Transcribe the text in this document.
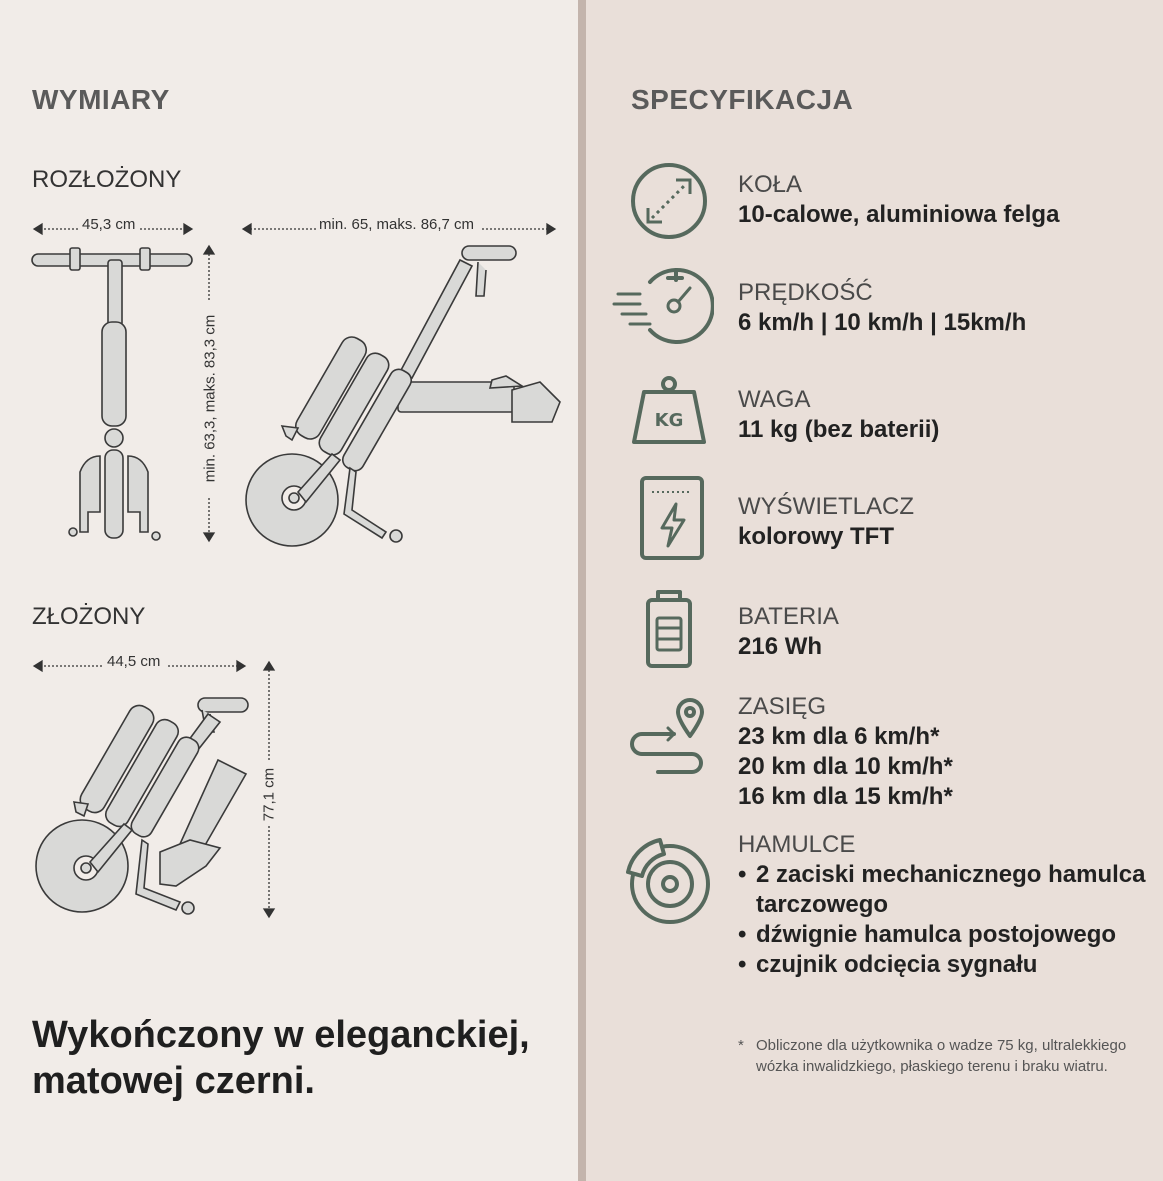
WYMIARY
ROZŁOŻONY
45,3 cm	min. 65, maks. 86,7 cm
min. 63,3, maks. 83,3 cm
ZŁOŻONY
44,5 cm
77,1 cm
Wykończony w eleganckiej, matowej czerni.
SPECYFIKACJA
KOŁA
10-calowe, aluminiowa felga
PRĘDKOŚĆ
6 km/h | 10 km/h | 15km/h
KG
WAGA
11 kg (bez baterii)
WYŚWIETLACZ
kolorowy TFT
BATERIA
216 Wh
ZASIĘG
23 km dla 6 km/h*
20 km dla 10 km/h*
16 km dla 15 km/h*
HAMULCE
• 2 zaciski mechanicznego hamulca tarczowego
• dźwignie hamulca postojowego
• czujnik odcięcia sygnału
* Obliczone dla użytkownika o wadze 75 kg, ultralekkiego wózka inwalidzkiego, płaskiego terenu i braku wiatru.
